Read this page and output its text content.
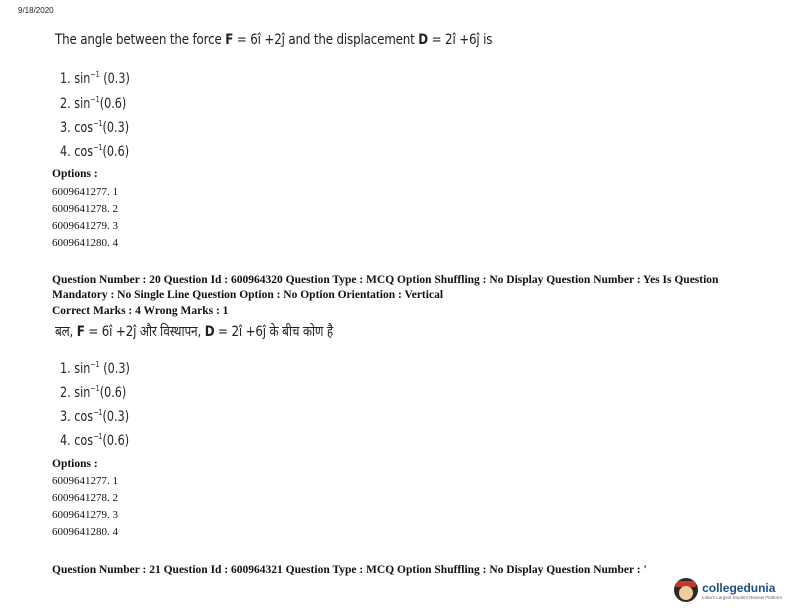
9/18/2020
The angle between the force F = 6î +2ĵ and the displacement D = 2î +6ĵ is
1. $\sin^{-1} (0.3)$
2. $\sin^{-1}(0.6)$
3. $\cos^{-1}(0.3)$
4. $\cos^{-1}(0.6)$
Options :
6009641277. 1
6009641278. 2
6009641279. 3
6009641280. 4
Question Number : 20 Question Id : 600964320 Question Type : MCQ Option Shuffling : No Display Question Number : Yes Is Question
Mandatory : No Single Line Question Option : No Option Orientation : Vertical
Correct Marks : 4 Wrong Marks : 1
बल, F = 6î +2ĵ और विस्थापन, D = 2î +6ĵ के बीच कोण है
1. $\sin^{-1} (0.3)$
2. $\sin^{-1}(0.6)$
3. $\cos^{-1}(0.3)$
4. $\cos^{-1}(0.6)$
Options :
6009641277. 1
6009641278. 2
6009641279. 3
6009641280. 4
Question Number : 21 Question Id : 600964321 Question Type : MCQ Option Shuffling : No Display Question Number : '
collegedunia
India's Largest Student Review Platform
